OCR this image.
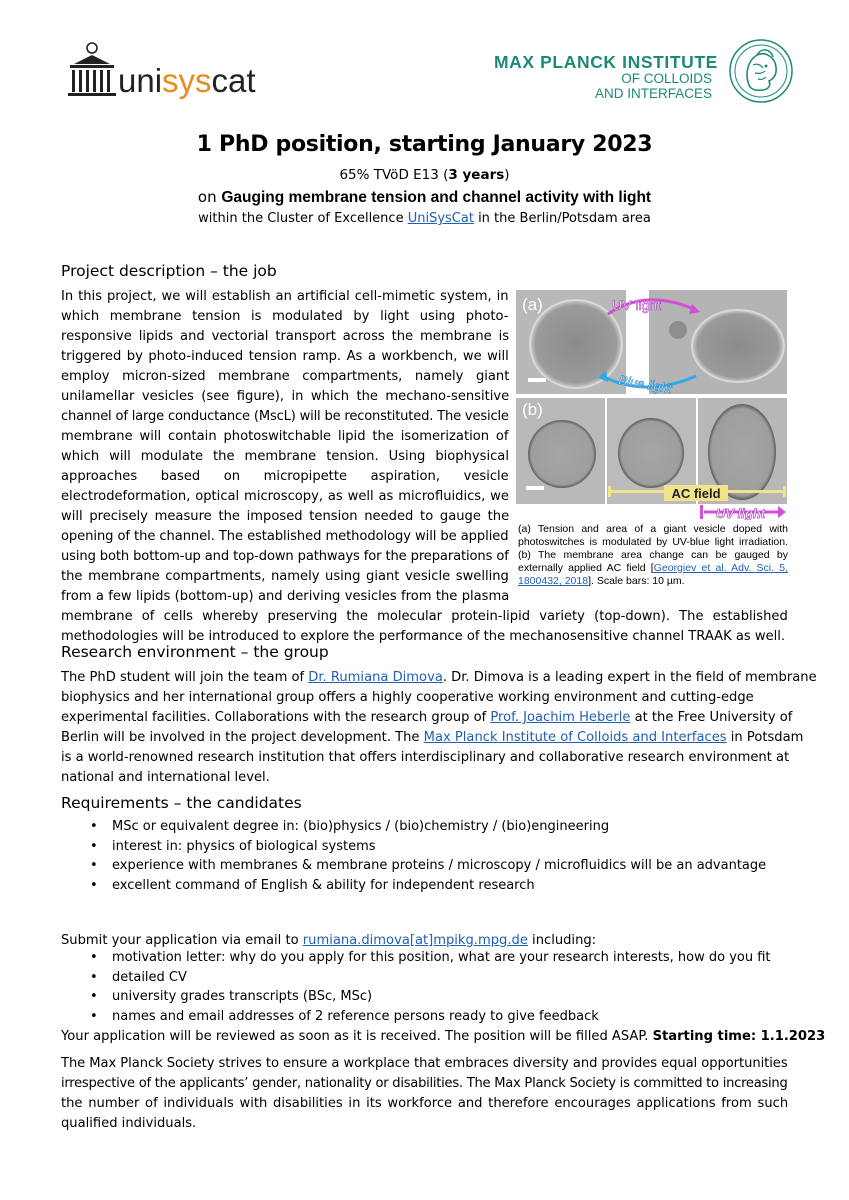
unisyscat	MAX PLANCK INSTITUTE
OF COLLOIDS
AND INTERFACES
1 PhD position, starting January 2023
65% TVöD E13 (3 years)
on Gauging membrane tension and channel activity with light
within the Cluster of Excellence UniSysCat in the Berlin/Potsdam area
Project description – the job
In this project, we will establish an artificial cell-mimetic system, in
which membrane tension is modulated by light using photo-
responsive lipids and vectorial transport across the membrane is
triggered by photo-induced tension ramp. As a workbench, we will
employ micron-sized membrane compartments, namely giant
unilamellar vesicles (see figure), in which the mechano-sensitive
channel of large conductance (MscL) will be reconstituted. The vesicle
membrane will contain photoswitchable lipid the isomerization of
which will modulate the membrane tension. Using biophysical
approaches based on micropipette aspiration, vesicle
electrodeformation, optical microscopy, as well as microfluidics, we
will precisely measure the imposed tension needed to gauge the
opening of the channel. The established methodology will be applied
using both bottom-up and top-down pathways for the preparations of
the membrane compartments, namely using giant vesicle swelling
from a few lipids (bottom-up) and deriving vesicles from the plasma
membrane of cells whereby preserving the molecular protein-lipid variety (top-down). The established
methodologies will be introduced to explore the performance of the mechanosensitive channel TRAAK as well.
(a)	UV light
Blue light
(b)
AC field
UV light
(a) Tension and area of a giant vesicle doped with photoswitches is modulated by UV-blue light irradiation. (b) The membrane area change can be gauged by externally applied AC field [Georgiev et al. Adv. Sci. 5, 1800432, 2018]. Scale bars: 10 µm.
Research environment – the group
The PhD student will join the team of Dr. Rumiana Dimova. Dr. Dimova is a leading expert in the field of membrane
biophysics and her international group offers a highly cooperative working environment and cutting-edge
experimental facilities. Collaborations with the research group of Prof. Joachim Heberle at the Free University of
Berlin will be involved in the project development. The Max Planck Institute of Colloids and Interfaces in Potsdam
is a world-renowned research institution that offers interdisciplinary and collaborative research environment at
national and international level.
Requirements – the candidates
• MSc or equivalent degree in: (bio)physics / (bio)chemistry / (bio)engineering
• interest in: physics of biological systems
• experience with membranes & membrane proteins / microscopy / microfluidics will be an advantage
• excellent command of English & ability for independent research
Submit your application via email to rumiana.dimova[at]mpikg.mpg.de including:
• motivation letter: why do you apply for this position, what are your research interests, how do you fit
• detailed CV
• university grades transcripts (BSc, MSc)
• names and email addresses of 2 reference persons ready to give feedback
Your application will be reviewed as soon as it is received. The position will be filled ASAP. Starting time: 1.1.2023
The Max Planck Society strives to ensure a workplace that embraces diversity and provides equal opportunities
irrespective of the applicants’ gender, nationality or disabilities. The Max Planck Society is committed to increasing
the number of individuals with disabilities in its workforce and therefore encourages applications from such
qualified individuals.
